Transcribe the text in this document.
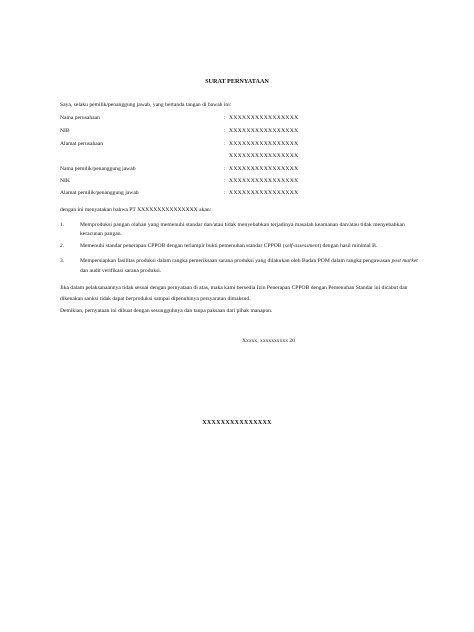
SURAT PERNYATAAN
Saya, selaku pemilik/penanggung jawab, yang bertanda tangan di bawah ini:
Nama perusahaan	: XXXXXXXXXXXXXXXX
NIB	: XXXXXXXXXXXXXXXX
Alamat perusahaan	: XXXXXXXXXXXXXXXX
XXXXXXXXXXXXXXXX
Nama pemilik/penanggung jawab	: XXXXXXXXXXXXXXXX
NIK	: XXXXXXXXXXXXXXXX
Alamat pemilik/penanggung jawab	: XXXXXXXXXXXXXXXX
dengan ini menyatakan bahwa PT XXXXXXXXXXXXXXX akan:
1.	Memproduksi pangan olahan yang memenuhi standar dan/atau tidak menyebabkan terjadinya masalah keamanan dan/atau tidak menyebabkan
keracunan pangan.
2.	Memenuhi standar penerapan CPPOB dengan terlampir bukti pemenuhan standar CPPOB (self-assessment) dengan hasil minimal B.
3.	Mempersiapkan fasilitas produksi dalam rangka pemeriksaan sarana produksi yang dilakukan oleh Badan POM dalam rangka pengawasan post market
dan audit verifikasi sarana produksi.
Jika dalam pelaksanaannya tidak sesuai dengan pernyataan di atas, maka kami bersedia Izin Penerapan CPPOB dengan Pemenuhan Standar ini dicabut dan
dikenakan sanksi tidak dapat berproduksi sampai dipenuhinya persyaratan dimaksud.
Demikian, pernyataan ini dibuat dengan sesungguhnya dan tanpa paksaan dari pihak manapun.
Xxxxx, xxxxxxxxxx 20
XXXXXXXXXXXXXXX
